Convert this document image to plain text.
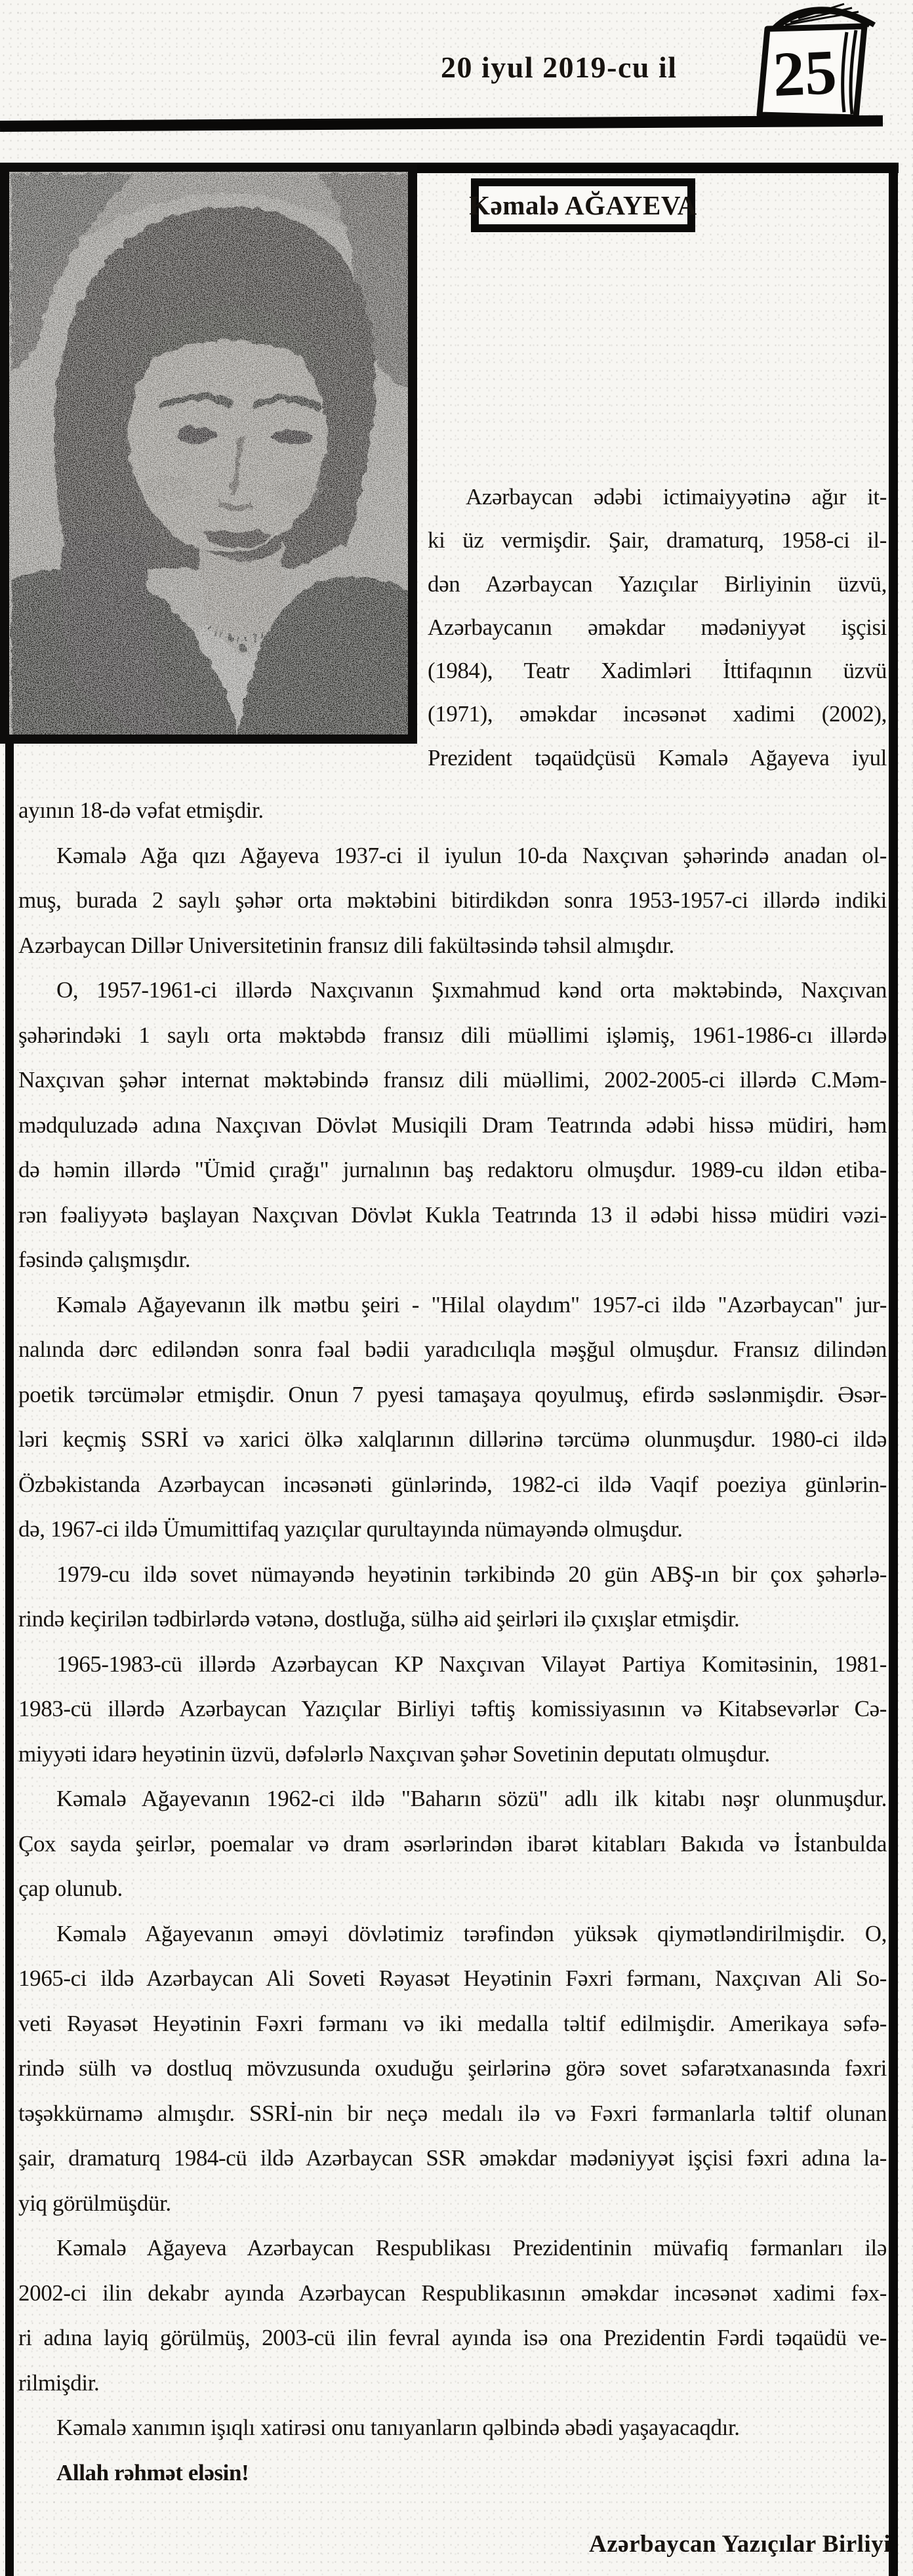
20 iyul 2019-cu il 25
Kəmalə AĞAYEVA
Azərbaycan ədəbi ictimaiyyətinə ağır it-
ki üz vermişdir. Şair, dramaturq, 1958-ci il-
dən Azərbaycan Yazıçılar Birliyinin üzvü,
Azərbaycanın əməkdar mədəniyyət işçisi
(1984), Teatr Xadimləri İttifaqının üzvü
(1971), əməkdar incəsənət xadimi (2002),
Prezident təqaüdçüsü Kəmalə Ağayeva iyul
ayının 18-də vəfat etmişdir.
Kəmalə Ağa qızı Ağayeva 1937-ci il iyulun 10-da Naxçıvan şəhərində anadan ol-
muş, burada 2 saylı şəhər orta məktəbini bitirdikdən sonra 1953-1957-ci illərdə indiki
Azərbaycan Dillər Universitetinin fransız dili fakültəsində təhsil almışdır.
O, 1957-1961-ci illərdə Naxçıvanın Şıxmahmud kənd orta məktəbində, Naxçıvan
şəhərindəki 1 saylı orta məktəbdə fransız dili müəllimi işləmiş, 1961-1986-cı illərdə
Naxçıvan şəhər internat məktəbində fransız dili müəllimi, 2002-2005-ci illərdə C.Məm-
mədquluzadə adına Naxçıvan Dövlət Musiqili Dram Teatrında ədəbi hissə müdiri, həm
də həmin illərdə "Ümid çırağı" jurnalının baş redaktoru olmuşdur. 1989-cu ildən etiba-
rən fəaliyyətə başlayan Naxçıvan Dövlət Kukla Teatrında 13 il ədəbi hissə müdiri vəzi-
fəsində çalışmışdır.
Kəmalə Ağayevanın ilk mətbu şeiri - "Hilal olaydım" 1957-ci ildə "Azərbaycan" jur-
nalında dərc ediləndən sonra fəal bədii yaradıcılıqla məşğul olmuşdur. Fransız dilindən
poetik tərcümələr etmişdir. Onun 7 pyesi tamaşaya qoyulmuş, efirdə səslənmişdir. Əsər-
ləri keçmiş SSRİ və xarici ölkə xalqlarının dillərinə tərcümə olunmuşdur. 1980-ci ildə
Özbəkistanda Azərbaycan incəsənəti günlərində, 1982-ci ildə Vaqif poeziya günlərin-
də, 1967-ci ildə Ümumittifaq yazıçılar qurultayında nümayəndə olmuşdur.
1979-cu ildə sovet nümayəndə heyətinin tərkibində 20 gün ABŞ-ın bir çox şəhərlə-
rində keçirilən tədbirlərdə vətənə, dostluğa, sülhə aid şeirləri ilə çıxışlar etmişdir.
1965-1983-cü illərdə Azərbaycan KP Naxçıvan Vilayət Partiya Komitəsinin, 1981-
1983-cü illərdə Azərbaycan Yazıçılar Birliyi təftiş komissiyasının və Kitabsevərlər Cə-
miyyəti idarə heyətinin üzvü, dəfələrlə Naxçıvan şəhər Sovetinin deputatı olmuşdur.
Kəmalə Ağayevanın 1962-ci ildə "Baharın sözü" adlı ilk kitabı nəşr olunmuşdur.
Çox sayda şeirlər, poemalar və dram əsərlərindən ibarət kitabları Bakıda və İstanbulda
çap olunub.
Kəmalə Ağayevanın əməyi dövlətimiz tərəfindən yüksək qiymətləndirilmişdir. O,
1965-ci ildə Azərbaycan Ali Soveti Rəyasət Heyətinin Fəxri fərmanı, Naxçıvan Ali So-
veti Rəyasət Heyətinin Fəxri fərmanı və iki medalla təltif edilmişdir. Amerikaya səfə-
rində sülh və dostluq mövzusunda oxuduğu şeirlərinə görə sovet səfarətxanasında fəxri
təşəkkürnamə almışdır. SSRİ-nin bir neçə medalı ilə və Fəxri fərmanlarla təltif olunan
şair, dramaturq 1984-cü ildə Azərbaycan SSR əməkdar mədəniyyət işçisi fəxri adına la-
yiq görülmüşdür.
Kəmalə Ağayeva Azərbaycan Respublikası Prezidentinin müvafiq fərmanları ilə
2002-ci ilin dekabr ayında Azərbaycan Respublikasının əməkdar incəsənət xadimi fəx-
ri adına layiq görülmüş, 2003-cü ilin fevral ayında isə ona Prezidentin Fərdi təqaüdü ve-
rilmişdir.
Kəmalə xanımın işıqlı xatirəsi onu tanıyanların qəlbində əbədi yaşayacaqdır.
Allah rəhmət eləsin!
Azərbaycan Yazıçılar Birliyi
